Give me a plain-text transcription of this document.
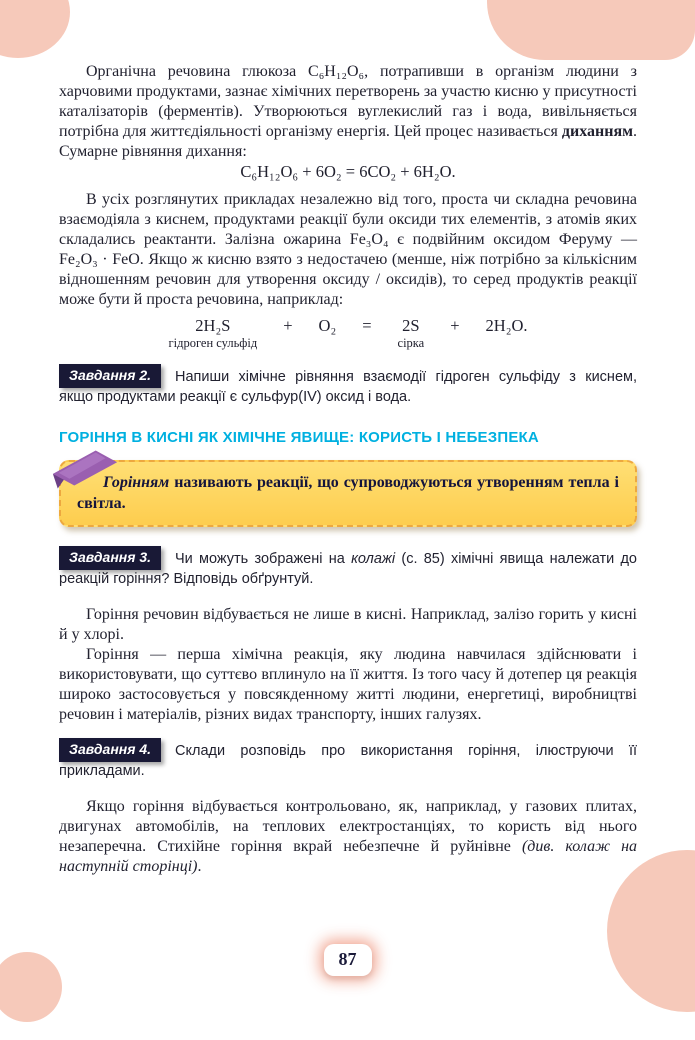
Органічна речовина глюкоза C₆H₁₂O₆, потрапивши в організм людини з харчовими продуктами, зазнає хімічних перетворень за участю кисню у присутності каталізаторів (ферментів). Утворюються вуглекислий газ і вода, вивільняється потрібна для життєдіяльності організму енергія. Цей процес називається диханням. Сумарне рівняння дихання:

C₆H₁₂O₆ + 6O₂ = 6CO₂ + 6H₂O.

В усіх розглянутих прикладах незалежно від того, проста чи складна речовина взаємодіяла з киснем, продуктами реакції були оксиди тих елементів, з атомів яких складались реактанти. Залізна ожарина Fe₃O₄ є подвійним оксидом Феруму — Fe₂O₃ · FeO. Якщо ж кисню взято з недостачею (менше, ніж потрібно за кількісним відношенням речовин для утворення оксиду / оксидів), то серед продуктів реакції може бути й проста речовина, наприклад:

2H₂S
гідроген сульфід
+ O₂ = 2S
сірка
+ 2H₂O.

Завдання 2.	Напиши хімічне рівняння взаємодії гідроген сульфіду з киснем, якщо продуктами реакції є сульфур(IV) оксид і вода.

ГОРІННЯ В КИСНІ ЯК ХІМІЧНЕ ЯВИЩЕ: КОРИСТЬ І НЕБЕЗПЕКА

Горінням називають реакції, що супроводжуються утворенням тепла і світла.

Завдання 3.	Чи можуть зображені на колажі (с. 85) хімічні явища належати до реакцій горіння? Відповідь обґрунтуй.

Горіння речовин відбувається не лише в кисні. Наприклад, залізо горить у кисні й у хлорі.

Горіння — перша хімічна реакція, яку людина навчилася здійснювати і використовувати, що суттєво вплинуло на її життя. Із того часу й дотепер ця реакція широко застосовується у повсякденному житті людини, енергетиці, виробництві речовин і матеріалів, різних видах транспорту, інших галузях.

Завдання 4.	Склади розповідь про використання горіння, ілюструючи її прикладами.

Якщо горіння відбувається контрольовано, як, наприклад, у газових плитах, двигунах автомобілів, на теплових електростанціях, то користь від нього незаперечна. Стихійне горіння вкрай небезпечне й руйнівне (див. колаж на наступній сторінці).

87
